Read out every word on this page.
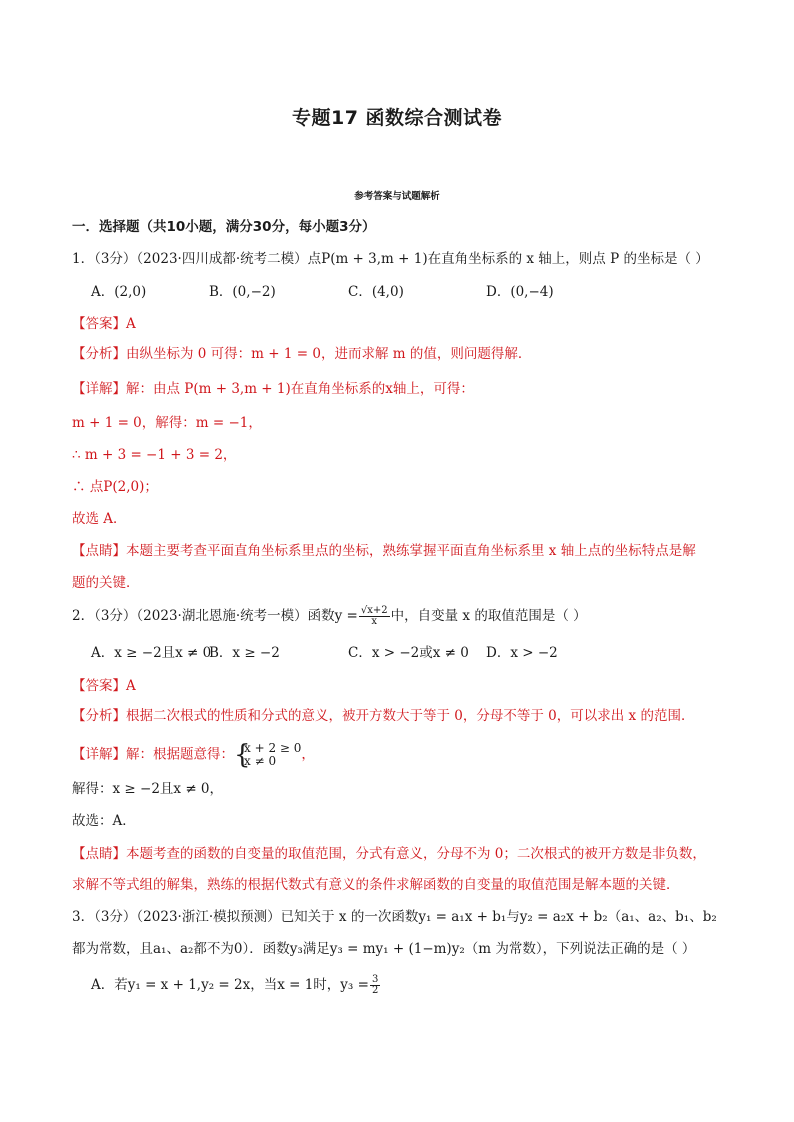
专题17 函数综合测试卷
参考答案与试题解析
一．选择题（共10小题，满分30分，每小题3分）
1．（3分）（2023·四川成都·统考二模）点P(m + 3,m + 1)在直角坐标系的 x 轴上，则点 P 的坐标是（ ）
A．(2,0)	B．(0,−2)	C．(4,0)	D．(0,−4)
【答案】A
【分析】由纵坐标为 0 可得：m + 1 = 0，进而求解 m 的值，则问题得解．
【详解】解：由点 P(m + 3,m + 1)在直角坐标系的x轴上，可得：
m + 1 = 0，解得：m = −1，
∴ m + 3 = −1 + 3 = 2，
∴ 点P(2,0)；
故选 A．
【点睛】本题主要考查平面直角坐标系里点的坐标，熟练掌握平面直角坐标系里 x 轴上点的坐标特点是解
题的关键．
2．（3分）（2023·湖北恩施·统考一模）函数$y = \frac{√x+2}{x}$ 中，自变量 x 的取值范围是（ ）
A．x ≥ −2且x ≠ 0
B．x ≥ −2	C．x > −2或x ≠ 0 D．x > −2
【答案】A
【分析】根据二次根式的性质和分式的意义，被开方数大于等于 0，分母不等于 0，可以求出 x 的范围．
【详解】解：根据题意得： {
x + 2 ≥ 0
x ≠ 0	，
解得：x ≥ −2且x ≠ 0，
故选：A．
【点睛】本题考查的函数的自变量的取值范围，分式有意义，分母不为 0；二次根式的被开方数是非负数，
求解不等式组的解集，熟练的根据代数式有意义的条件求解函数的自变量的取值范围是解本题的关键．
3．（3分）（2023·浙江·模拟预测）已知关于 x 的一次函数y₁ = a₁x + b₁与y₂ = a₂x + b₂（a₁、a₂、b₁、b₂
都为常数，且a₁、a₂都不为0）．函数y₃满足y₃ = my₁ + (1−m)y₂（m 为常数），下列说法正确的是（ ）
A．若y₁ = x + 1,y₂ = 2x，当x = 1时，$y_3 = \frac{3}{2}$
